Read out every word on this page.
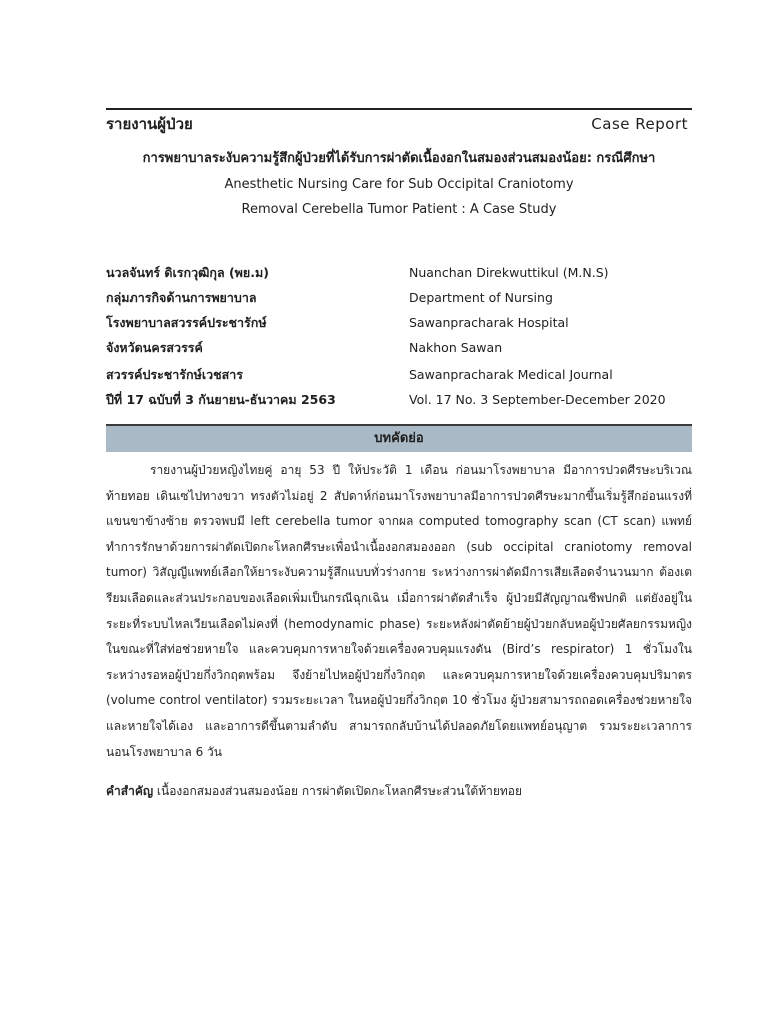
รายงานผู้ป่วย	Case Report

การพยาบาลระงับความรู้สึกผู้ป่วยที่ได้รับการผ่าตัดเนื้องอกในสมองส่วนสมองน้อย: กรณีศึกษา

Anesthetic Nursing Care for Sub Occipital Craniotomy

Removal Cerebella Tumor Patient : A Case Study

นวลจันทร์ ดิเรกวุฒิกุล (พย.ม)
กลุ่มภารกิจด้านการพยาบาล
โรงพยาบาลสวรรค์ประชารักษ์
จังหวัดนครสวรรค์
Nuanchan Direkwuttikul (M.N.S)
Department of Nursing
Sawanpracharak Hospital
Nakhon Sawan
สวรรค์ประชารักษ์เวชสาร
ปีที่ 17 ฉบับที่ 3 กันยายน-ธันวาคม 2563
Sawanpracharak Medical Journal
Vol. 17 No. 3 September-December 2020
บทคัดย่อ

รายงานผู้ป่วยหญิงไทยคู่ อายุ 53 ปี ให้ประวัติ 1 เดือน ก่อนมาโรงพยาบาล มีอาการปวดศีรษะบริเวณท้ายทอย เดินเซไปทางขวา ทรงตัวไม่อยู่ 2 สัปดาห์ก่อนมาโรงพยาบาลมีอาการปวดศีรษะมากขึ้นเริ่มรู้สึกอ่อนแรงที่แขนขาข้างซ้าย ตรวจพบมี left cerebella tumor จากผล computed tomography scan (CT scan) แพทย์ทำการรักษาด้วยการผ่าตัดเปิดกะโหลกศีรษะเพื่อนำเนื้องอกสมองออก (sub occipital craniotomy removal tumor) วิสัญญีแพทย์เลือกให้ยาระงับความรู้สึกแบบทั่วร่างกาย ระหว่างการผ่าตัดมีการเสียเลือดจำนวนมาก ต้องเตรียมเลือดและส่วนประกอบของเลือดเพิ่มเป็นกรณีฉุกเฉิน เมื่อการผ่าตัดสำเร็จ ผู้ป่วยมีสัญญาณชีพปกติ แต่ยังอยู่ในระยะที่ระบบไหลเวียนเลือดไม่คงที่ (hemodynamic phase) ระยะหลังผ่าตัดย้ายผู้ป่วยกลับหอผู้ป่วยศัลยกรรมหญิง ในขณะที่ใส่ท่อช่วยหายใจ และควบคุมการหายใจด้วยเครื่องควบคุมแรงดัน (Bird’s respirator) 1 ชั่วโมงในระหว่างรอหอผู้ป่วยกึ่งวิกฤตพร้อม จึงย้ายไปหอผู้ป่วยกึ่งวิกฤต และควบคุมการหายใจด้วยเครื่องควบคุมปริมาตร (volume control ventilator) รวมระยะเวลา ในหอผู้ป่วยกึ่งวิกฤต 10 ชั่วโมง ผู้ป่วยสามารถถอดเครื่องช่วยหายใจและหายใจได้เอง และอาการดีขึ้นตามลำดับ สามารถกลับบ้านได้ปลอดภัยโดยแพทย์อนุญาต รวมระยะเวลาการนอนโรงพยาบาล 6 วัน

คำสำคัญ เนื้องอกสมองส่วนสมองน้อย การผ่าตัดเปิดกะโหลกศีรษะส่วนใต้ท้ายทอย
